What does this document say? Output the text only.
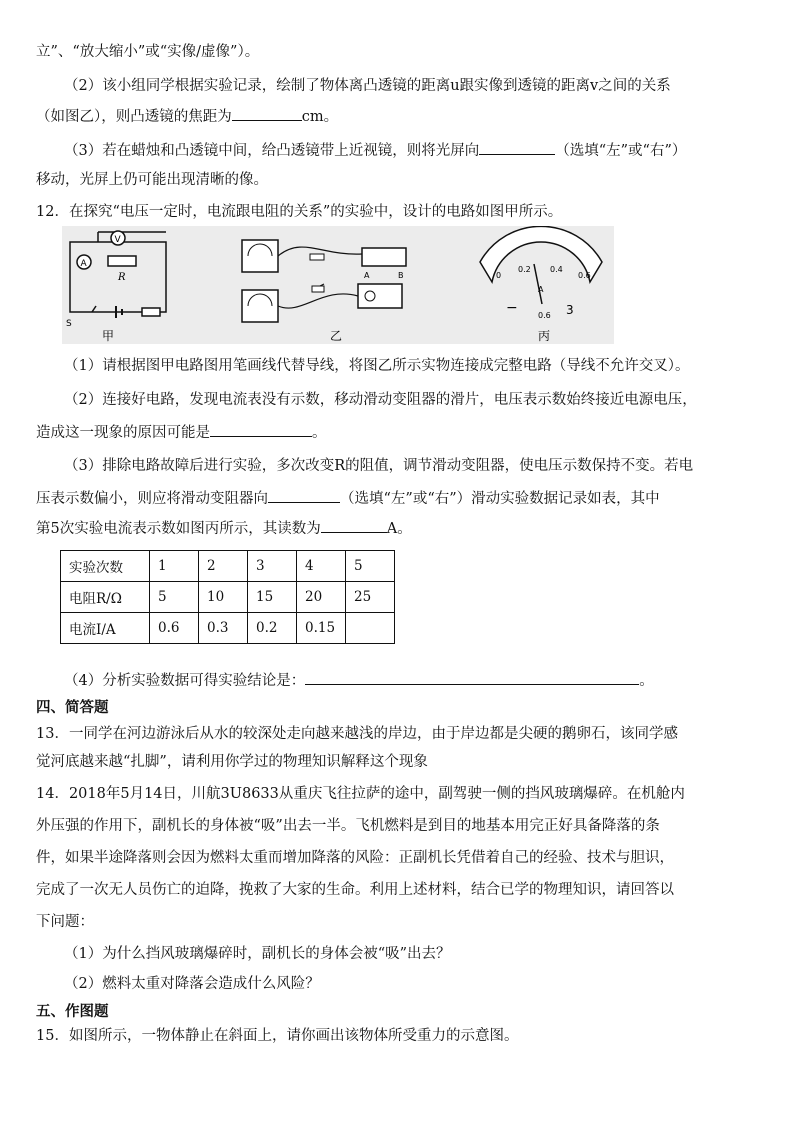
立”、“放大缩小”或“实像/虚像”）。
（2）该小组同学根据实验记录，绘制了物体离凸透镜的距离u跟实像到透镜的距离v之间的关系
（如图乙），则凸透镜的焦距为	cm。
（3）若在蜡烛和凸透镜中间，给凸透镜带上近视镜，则将光屏向	（选填“左”或“右”）
移动，光屏上仍可能出现清晰的像。
12．在探究“电压一定时，电流跟电阻的关系”的实验中，设计的电路如图甲所示。
V
A
R
S
甲
A	B
乙
0
0.2 0.4
0.6
A
−	0.6 3
丙
（1）请根据图甲电路图用笔画线代替导线，将图乙所示实物连接成完整电路（导线不允许交叉）。
（2）连接好电路，发现电流表没有示数，移动滑动变阻器的滑片，电压表示数始终接近电源电压，
造成这一现象的原因可能是	。
（3）排除电路故障后进行实验，多次改变R的阻值，调节滑动变阻器，使电压示数保持不变。若电
压表示数偏小，则应将滑动变阻器向	（选填“左”或“右”）滑动实验数据记录如表，其中
第5次实验电流表示数如图丙所示，其读数为	A。
实验次数	1	2	3	4	5
电阻R/Ω	5	10	15	20	25
电流I/A	0.6	0.3	0.2	0.15	
（4）分析实验数据可得实验结论是：	。
四、简答题
13．一同学在河边游泳后从水的较深处走向越来越浅的岸边，由于岸边都是尖硬的鹅卵石，该同学感
觉河底越来越“扎脚”，请利用你学过的物理知识解释这个现象
14．2018年5月14日，川航3U8633从重庆飞往拉萨的途中，副驾驶一侧的挡风玻璃爆碎。在机舱内
外压强的作用下，副机长的身体被“吸”出去一半。飞机燃料是到目的地基本用完正好具备降落的条
件，如果半途降落则会因为燃料太重而增加降落的风险：正副机长凭借着自己的经验、技术与胆识，
完成了一次无人员伤亡的迫降，挽救了大家的生命。利用上述材料，结合已学的物理知识，请回答以
下问题：
（1）为什么挡风玻璃爆碎时，副机长的身体会被“吸”出去？
（2）燃料太重对降落会造成什么风险？
五、作图题
15．如图所示，一物体静止在斜面上，请你画出该物体所受重力的示意图。
